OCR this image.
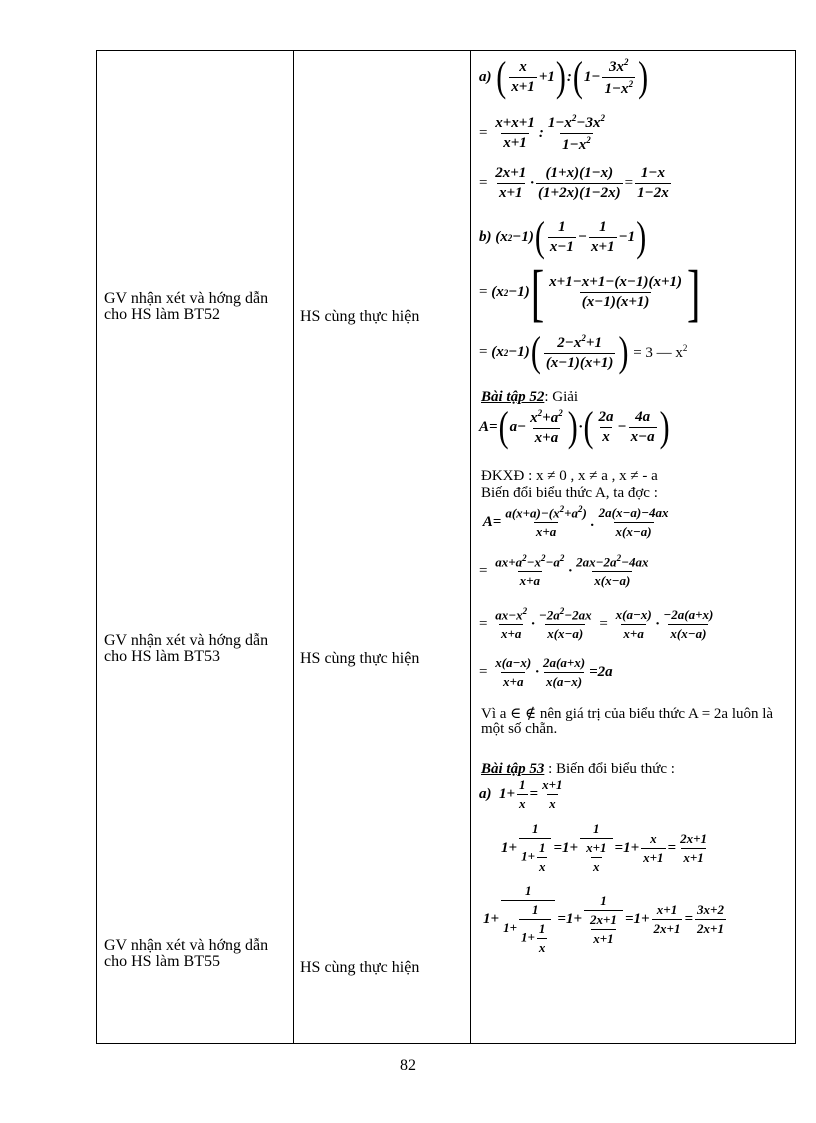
GV nhận xét và hớng dẫn cho HS làm BT52
GV nhận xét và hớng dẫn cho HS làm BT53
GV nhận xét và hớng dẫn cho HS làm BT55
HS cùng thực hiện
HS cùng thực hiện
HS cùng thực hiện
a) ( $\frac{x}{x+1} +1$ ) : ( $1- \frac{3x^2}{1-x^2}$ )
=
$\frac{x+x+1}{x+1}$ : $\frac{1-x^2-3x^2}{1-x^2}$
=
$\frac{2x+1}{x+1} \cdot \frac{(1+x)(1-x)}{(1+2x)(1-2x)} = \frac{1-x}{1-2x}$
b) (x 2 −1) ( $\frac{1}{x-1} - \frac{1}{x+1} -1$ )
= (x 2 −1) [ $\frac{x+1-x+1-(x-1)(x+1)}{(x-1)(x+1)}$ ]
= (x 2 −1) ( $\frac{2-x^2+1}{(x-1)(x+1)}$ ) = 3 — $x^2$
Bài tập 52: Giải
A= ( $a- \frac{x^2+a^2}{x+a}$ ) · ( $\frac{2a}{x} - \frac{4a}{x-a}$ )
ĐKXĐ : x ≠ 0 , x ≠ a , x ≠ - a
Biến đổi biểu thức A, ta đợc :
$A= \frac{a(x+a)-(x^2+a^2)}{x+a}$ . $\frac{2a(x-a)-4ax}{x(x-a)}$
=
$\frac{ax+a^2-x^2-a^2}{x+a} \cdot \frac{2ax-2a^2-4ax}{x(x-a)}$
=
$\frac{ax-x^2}{x+a} \cdot \frac{-2a^2-2ax}{x(x-a)}$
=
$\frac{x(a-x)}{x+a} \cdot \frac{-2a(a+x)}{x(x-a)}$
=
$\frac{x(a-x)}{x+a} \cdot \frac{2a(a+x)}{x(a-x)} =2a$
Vì a ∈ ∉ nên giá trị của biểu thức A = 2a luôn là một số chẵn.
Bài tập 53 : Biến đổi biểu thức :
a)  $1+ \frac{1}{x} = \frac{x+1}{x}$
$1+ \frac{1}{1+ \frac{1}{x}} =1+ \frac{1}{\frac{x+1}{x}} =1+ \frac{x}{x+1} = \frac{2x+1}{x+1}$
$1+ \frac{1}{1+ \frac{1}{1+ \frac{1}{x}}} =1+ \frac{1}{\frac{2x+1}{x+1}} =1+ \frac{x+1}{2x+1} = \frac{3x+2}{2x+1}$
82
